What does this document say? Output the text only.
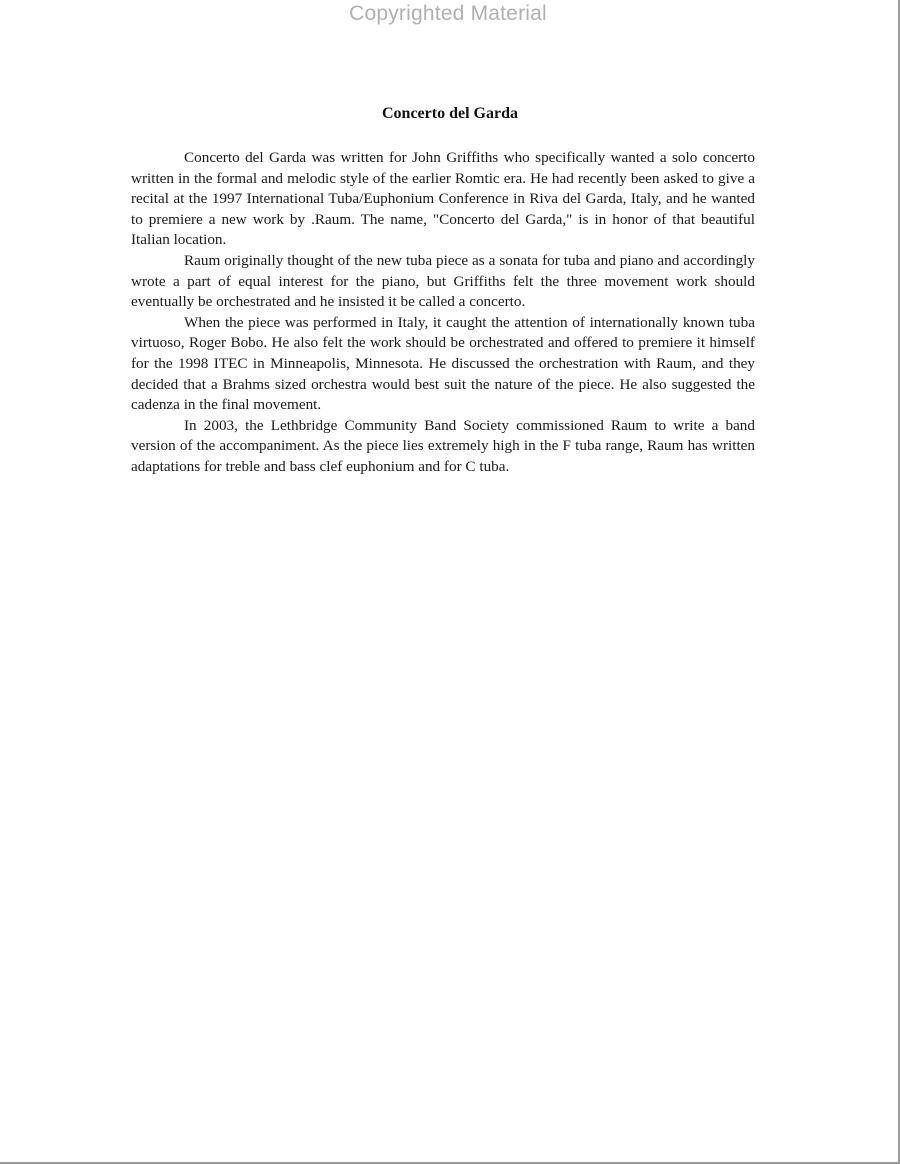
Copyrighted Material
Concerto del Garda

Concerto del Garda was written for John Griffiths who specifically wanted a solo concerto written in the formal and melodic style of the earlier Romtic era. He had recently been asked to give a recital at the 1997 International Tuba/Euphonium Conference in Riva del Garda, Italy, and he wanted to premiere a new work by .Raum. The name, "Concerto del Garda," is in honor of that beautiful Italian location.

Raum originally thought of the new tuba piece as a sonata for tuba and piano and accordingly wrote a part of equal interest for the piano, but Griffiths felt the three movement work should eventually be orchestrated and he insisted it be called a concerto.

When the piece was performed in Italy, it caught the attention of internationally known tuba virtuoso, Roger Bobo. He also felt the work should be orchestrated and offered to premiere it himself for the 1998 ITEC in Minneapolis, Minnesota. He discussed the orchestration with Raum, and they decided that a Brahms sized orchestra would best suit the nature of the piece. He also suggested the cadenza in the final movement.

In 2003, the Lethbridge Community Band Society commissioned Raum to write a band version of the accompaniment. As the piece lies extremely high in the F tuba range, Raum has written adaptations for treble and bass clef euphonium and for C tuba.
